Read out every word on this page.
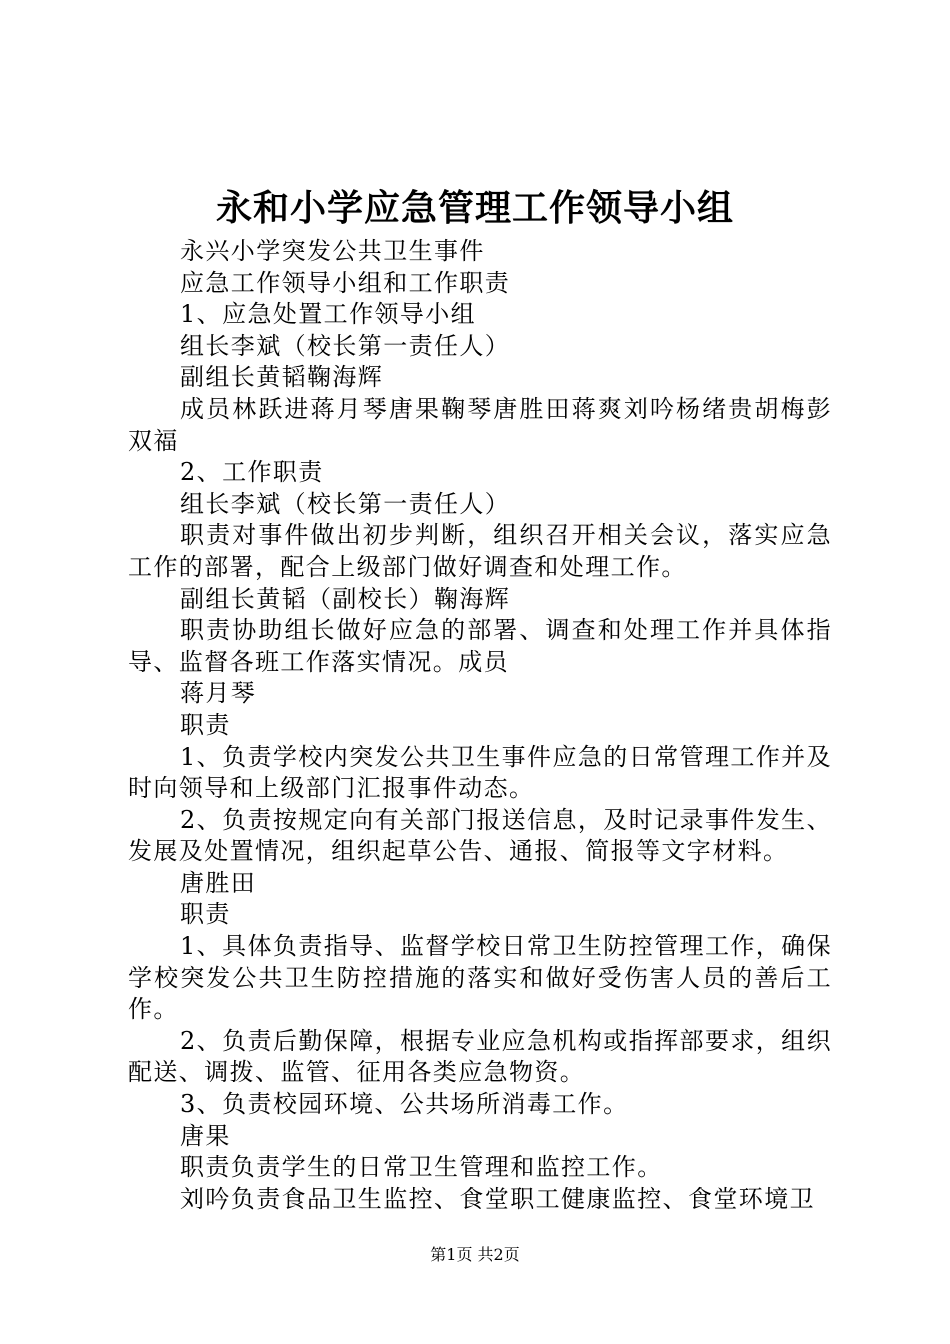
永和小学应急管理工作领导小组

永兴小学突发公共卫生事件

应急工作领导小组和工作职责

1、应急处置工作领导小组

组长李斌（校长第一责任人）

副组长黄韬鞠海辉

成员林跃进蒋月琴唐果鞠琴唐胜田蒋爽刘吟杨绪贵胡梅彭双福

2、工作职责

组长李斌（校长第一责任人）

职责对事件做出初步判断，组织召开相关会议，落实应急工作的部署，配合上级部门做好调查和处理工作。

副组长黄韬（副校长）鞠海辉

职责协助组长做好应急的部署、调查和处理工作并具体指导、监督各班工作落实情况。成员

蒋月琴

职责

1、负责学校内突发公共卫生事件应急的日常管理工作并及时向领导和上级部门汇报事件动态。

2、负责按规定向有关部门报送信息，及时记录事件发生、发展及处置情况，组织起草公告、通报、简报等文字材料。

唐胜田

职责

1、具体负责指导、监督学校日常卫生防控管理工作，确保学校突发公共卫生防控措施的落实和做好受伤害人员的善后工作。

2、负责后勤保障，根据专业应急机构或指挥部要求，组织配送、调拨、监管、征用各类应急物资。

3、负责校园环境、公共场所消毒工作。

唐果

职责负责学生的日常卫生管理和监控工作。

刘吟负责食品卫生监控、食堂职工健康监控、食堂环境卫

第1页 共2页
